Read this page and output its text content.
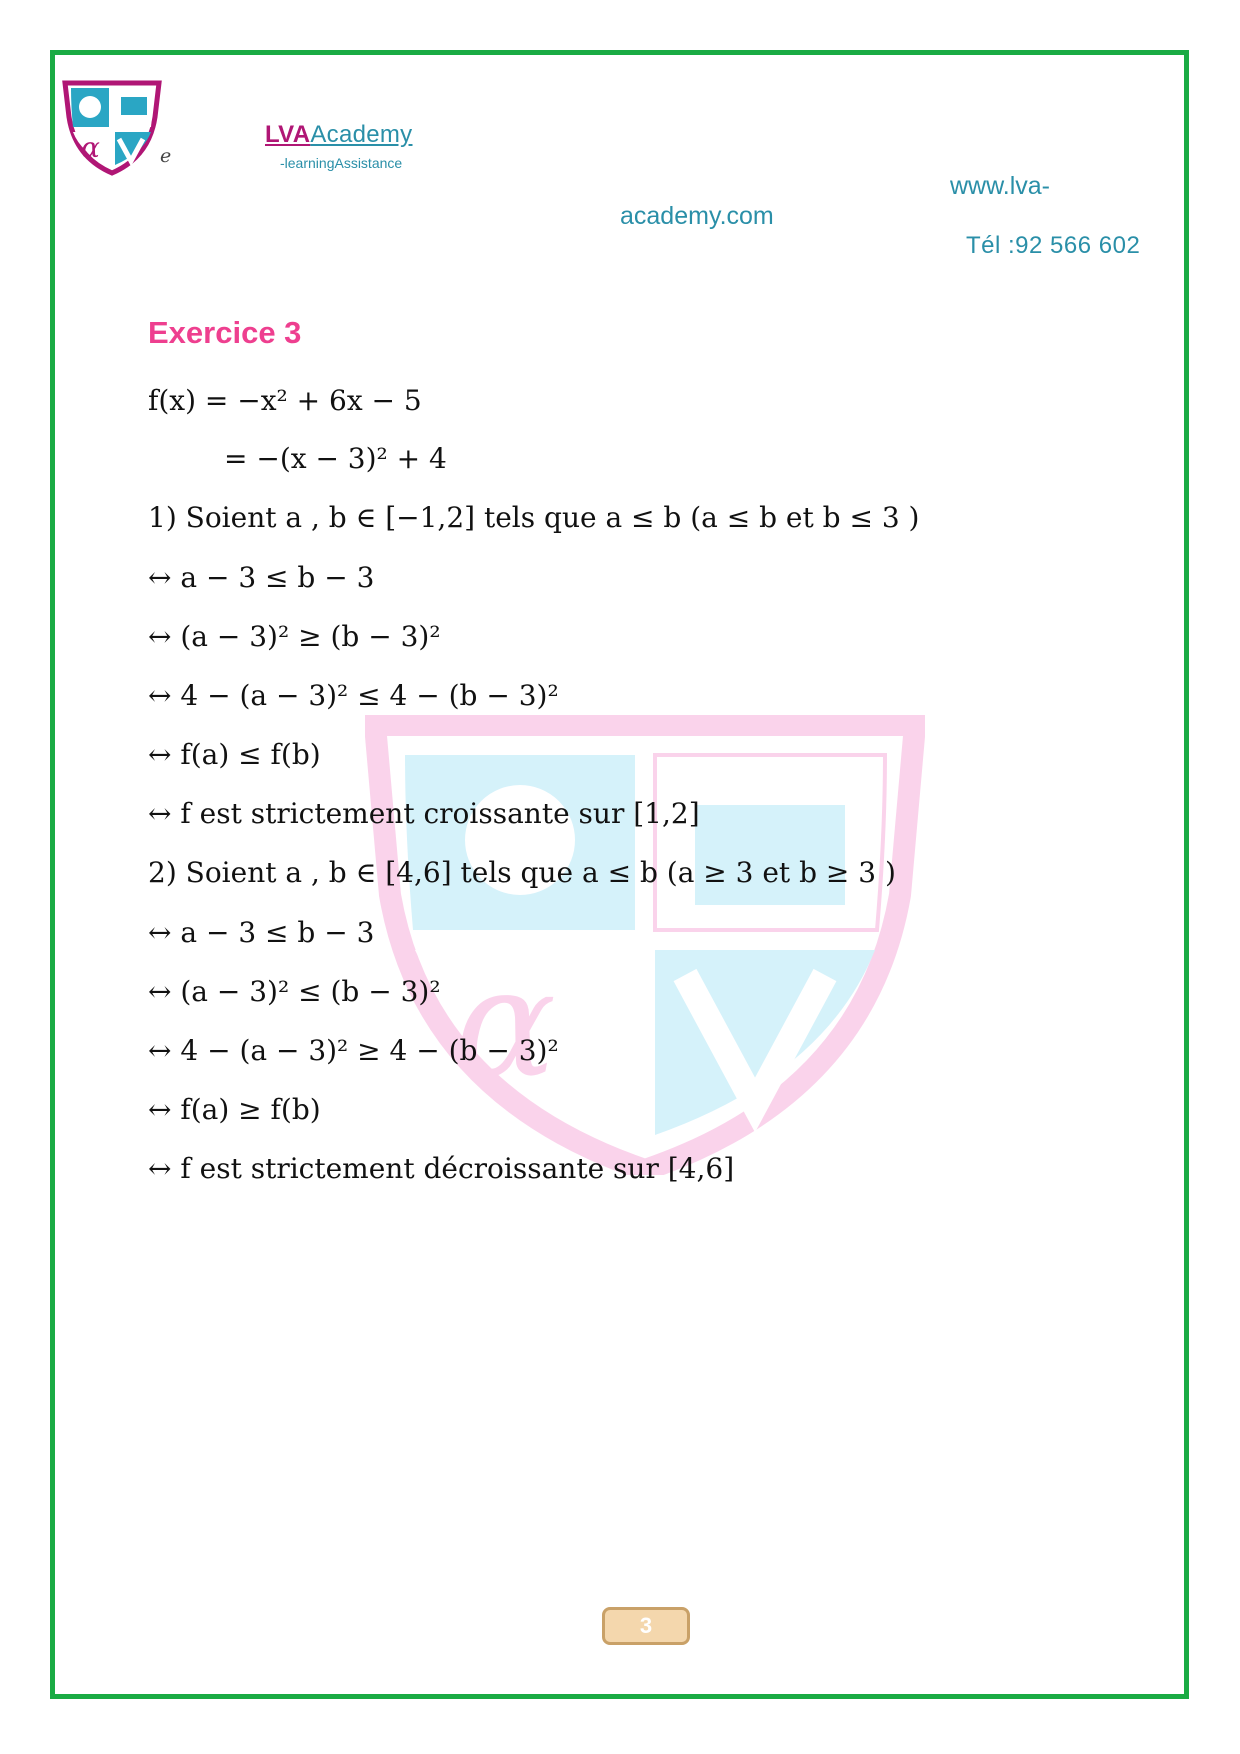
α	e
LVAAcademy
-learningAssistance
www.lva-
academy.com
Tél :92 566 602
α
Exercice 3
f(x) = −x² + 6x − 5
= −(x − 3)² + 4
1) Soient a , b ∈ [−1,2] tels que a ≤ b (a ≤ b et b ≤ 3 )
↔ a − 3 ≤ b − 3
↔ (a − 3)² ≥ (b − 3)²
↔ 4 − (a − 3)² ≤ 4 − (b − 3)²
↔ f(a) ≤ f(b)
↔ f est strictement croissante sur [1,2]
2) Soient a , b ∈ [4,6] tels que a ≤ b (a ≥ 3 et b ≥ 3 )
↔ a − 3 ≤ b − 3
↔ (a − 3)² ≤ (b − 3)²
↔ 4 − (a − 3)² ≥ 4 − (b − 3)²
↔ f(a) ≥ f(b)
↔ f est strictement décroissante sur [4,6]
3
